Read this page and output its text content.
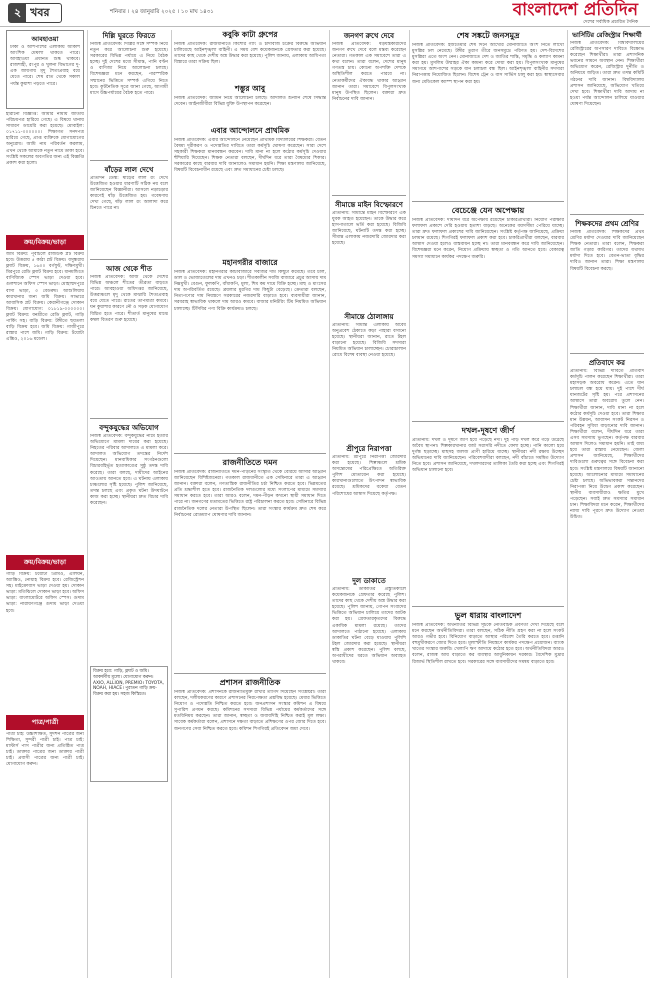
২ খবর	শনিবার । ২৪ জানুয়ারি ২০২৫ । ১০ মাঘ ১৪৩১	বাংলাদেশ প্রতিদিন
দেশের সর্বাধিক প্রচারিত দৈনিক
আবহাওয়া
ঢাকা ও আশপাশের এলাকায় আকাশ আংশিক মেঘলা থাকতে পারে। আবহাওয়া প্রধানত শুষ্ক থাকবে। রাজশাহী, রংপুর ও খুলনা বিভাগের দু-এক জায়গায় মৃদু শৈত্যপ্রবাহ বয়ে যেতে পারে। শেষ রাত থেকে সকাল পর্যন্ত কুয়াশা পড়তে পারে।
হারানো বিজ্ঞপ্তি: আমার নামীয় জাতীয় পরিচয়পত্র হারিয়ে গেছে। এ বিষয়ে থানায় সাধারণ ডায়েরি করা হয়েছে। মোবাইল: ০১৭১১-০০০০০০। শিক্ষাগত সনদপত্র হারিয়ে গেছে, প্রাপ্ত ব্যক্তিকে যোগাযোগের অনুরোধ। আমি নাম পরিবর্তন করলাম, এখন থেকে আমাকে নতুন নামে ডাকা হবে। সংশ্লিষ্ট সকলের অবগতির জন্য এই বিজ্ঞপ্তি প্রকাশ করা হলো।
ক্রয়/বিক্রয়/ভাড়া
জমি বিক্রয়: পূর্বাচলে রাজউক প্লট বিক্রয় হবে। উত্তরায় ৫ কাঠা প্লট বিক্রয়। বসুন্ধরায় ফ্ল্যাট বিক্রয়, ১৬০০ বর্গফুট, দক্ষিণমুখী। মিরপুরে রেডি ফ্ল্যাট বিক্রয় হবে। ধানমন্ডিতে বাণিজ্যিক স্পেস ভাড়া দেওয়া হবে। গুলশানে অফিস স্পেস ভাড়া। মোহাম্মদপুরে বাসা ভাড়া, ৩ বেডরুম। আশুলিয়ায় কারখানার জন্য জমি বিক্রয়। সাভারে আবাসিক প্লট বিক্রয়। কেরানীগঞ্জে দোকান বিক্রয়। যোগাযোগ: ০১৮১৯-০০০০০০। ফ্ল্যাট বিক্রয়: বনশ্রীতে রেডি ফ্ল্যাট, গাড়ি পার্কিং সহ। বাড়ি বিক্রয়: টঙ্গীতে ছয়তলা বাড়ি বিক্রয় হবে। জমি বিক্রয়: গাজীপুরে রাস্তার পাশে জমি। গাড়ি বিক্রয়: টয়োটা এক্সিও, ২০১৬ মডেল।
ক্রয়/বিক্রয়/ভাড়া
গাড়ি বিক্রয়: টয়োটা প্রিমিও, এলিয়ন, অ্যাক্সিও, নোয়াহ বিক্রয় হবে। রেজিস্ট্রেশন সহ। মাইক্রোবাস ভাড়া দেওয়া হয়। দোকান ভাড়া: মতিঝিলে দোকান ভাড়া হবে। অফিস ভাড়া: বাংলামোটরে অফিস স্পেস। গুদাম ভাড়া: নারায়ণগঞ্জে গুদাম ভাড়া দেওয়া হবে।
পাত্র/পাত্রী
পাত্রী চাই: উচ্চশিক্ষিত, সুদর্শন পাত্রের জন্য শিক্ষিতা, সুন্দরী পাত্রী চাই। পাত্র চাই: মাস্টার্স পাস পাত্রীর জন্য প্রতিষ্ঠিত পাত্র চাই। ডাক্তার পাত্রের জন্য ডাক্তার পাত্রী চাই। প্রবাসী পাত্রের জন্য পাত্রী চাই। যোগাযোগ করুন।
দিল্লি ঘুরতে ফিরতে
নিজস্ব প্রতিবেদক: দিল্লির সঙ্গে সম্পর্ক নিয়ে নতুন করে আলোচনা শুরু হয়েছে। সরকারের বিভিন্ন পর্যায়ে এ নিয়ে বৈঠক হচ্ছে। দুই দেশের মধ্যে সীমান্ত, পানি বণ্টন ও বাণিজ্য নিয়ে আলোচনা চলছে। বিশেষজ্ঞরা মনে করছেন, পারস্পরিক সম্মানের ভিত্তিতে সম্পর্ক এগিয়ে নিতে হবে। কূটনৈতিক সূত্রে জানা গেছে, আগামী মাসে উচ্চপর্যায়ের বৈঠক হতে পারে।
ষাঁড়ের লাল দেখে
প্রতিদিন ডেস্ক: ষাঁড়ের লাল রং দেখে উত্তেজিত হওয়ার ধারণাটি সঠিক নয় বলে জানিয়েছেন বিজ্ঞানীরা। আসলে নড়াচড়ার কারণেই ষাঁড় উত্তেজিত হয়। গবেষণায় দেখা গেছে, ষাঁড় লাল রং আলাদা করে চিনতে পারে না।
আজ থেকে শীত
নিজস্ব প্রতিবেদক: আজ থেকে দেশের বিভিন্ন অঞ্চলে শীতের তীব্রতা বাড়তে পারে। আবহাওয়া অধিদপ্তর জানিয়েছে, উত্তরাঞ্চলে মৃদু থেকে মাঝারি শৈত্যপ্রবাহ বয়ে যেতে পারে। রাতের তাপমাত্রা কমবে। ঘন কুয়াশার কারণে নৌ ও সড়ক যোগাযোগ বিঘ্নিত হতে পারে। শীতার্ত মানুষের মাঝে কম্বল বিতরণ শুরু হয়েছে।
বন্দুকযুদ্ধের অভিযোগ
নিজস্ব প্রতিবেদক: বন্দুকযুদ্ধের নামে হত্যার অভিযোগে মামলা দায়ের করা হয়েছে। নিহতের পরিবার আদালতে এ মামলা করে। আদালত অভিযোগ তদন্তের নির্দেশ দিয়েছেন। মানবাধিকার সংগঠনগুলো বিচারবহির্ভূত হত্যাকাণ্ডের সুষ্ঠু তদন্ত দাবি করেছে। তারা বলছে, দায়ীদের আইনের আওতায় আনতে হবে। এ ঘটনায় এলাকায় চাঞ্চল্যের সৃষ্টি হয়েছে। পুলিশ জানিয়েছে, তদন্ত চলছে এবং প্রকৃত ঘটনা উদঘাটনে কাজ করা হচ্ছে। স্থানীয়রা দ্রুত বিচার দাবি করেছেন।
বিক্রয় হবে: গাড়ি, ফ্ল্যাট ও জমি। আকর্ষণীয় মূল্যে। যোগাযোগ করুন। AXIO, ALLION, PREMIO। TOYOTA, NOAH, HIACE। পুরাতন গাড়ি ক্রয়-বিক্রয় করা হয়। সহজ কিস্তিতে।
কবুকি কাটা গ্রুপের
নিজস্ব প্রতিবেদক: রাজধানীতে কিশোর গ্যাং ও চাঁদাবাজ চক্রের বিরুদ্ধে অভিযান চালিয়েছে আইনশৃঙ্খলা বাহিনী। এ সময় বেশ কয়েকজনকে গ্রেফতার করা হয়েছে। তাদের কাছ থেকে দেশীয় অস্ত্র উদ্ধার করা হয়েছে। পুলিশ জানায়, এলাকায় আধিপত্য বিস্তারে তারা সক্রিয় ছিল।
শম্ভুর আবু
নিজস্ব প্রতিবেদক: জামিন নিয়ে আলোচনা চলছে। আদালত শুনানি শেষে সিদ্ধান্ত দেবেন। আইনজীবীরা বিভিন্ন যুক্তি উপস্থাপন করেছেন।
এবার আন্দোলনে প্রাথমিক
নিজস্ব প্রতিবেদক: এবার আন্দোলনে নেমেছেন প্রাথমিক বিদ্যালয়ের শিক্ষকরা। বেতন বৈষম্য দূরীকরণ ও পদোন্নতির দাবিতে তারা কর্মসূচি ঘোষণা করেছেন। সারা দেশে সহকারী শিক্ষকরা মানববন্ধন করবেন। দাবি মানা না হলে কঠোর কর্মসূচি দেওয়ার হুঁশিয়ারি দিয়েছেন। শিক্ষক নেতারা বলছেন, দীর্ঘদিন ধরে তারা বৈষম্যের শিকার। সরকারের কাছে বারবার দাবি জানালেও সমাধান হয়নি। শিক্ষা মন্ত্রণালয় জানিয়েছে, বিষয়টি বিবেচনাধীন রয়েছে এবং দ্রুত সমাধানের চেষ্টা চলছে।
মহানগরীর বাজারে
নিজস্ব প্রতিবেদক: মহানগরীর কাঁচাবাজারে সবজির দাম কিছুটা কমেছে। তবে চাল, ডাল ও ভোজ্যতেলের দাম এখনও চড়া। শীতকালীন সবজি বাজারে প্রচুর আসায় দাম নিম্নমুখী। বেগুন, ফুলকপি, বাঁধাকপি, মুলা, শিম কম দামে বিক্রি হচ্ছে। মাছ ও মাংসের দাম অপরিবর্তিত রয়েছে। ব্রয়লার মুরগির দাম কিছুটা বেড়েছে। ক্রেতারা বলছেন, নিত্যপণ্যের দাম নিয়ন্ত্রণে সরকারের নজরদারি বাড়াতে হবে। ব্যবসায়ীরা জানান, সরবরাহ স্বাভাবিক থাকলে দাম আরও কমবে। বাজার মনিটরিং টিম নিয়মিত অভিযান চালাচ্ছে। টিসিবির পণ্য বিক্রি কার্যক্রমও চলছে।
রাজনীতিতে দমন
নিজস্ব প্রতিবেদক: রাজনীতিতে দমন-পীড়নের সংস্কৃতি থেকে বেরিয়ে আসার আহ্বান জানিয়েছেন বিশিষ্টজনেরা। গতকাল রাজধানীতে এক সেমিনারে তারা এ আহ্বান জানান। বক্তারা বলেন, গণতান্ত্রিক রাজনীতির চর্চা নিশ্চিত করতে হবে। ভিন্নমতের প্রতি শ্রদ্ধাশীল হতে হবে। রাজনৈতিক দলগুলোর মধ্যে সংলাপের মাধ্যমে সমস্যার সমাধান করতে হবে। তারা আরও বলেন, দমন-পীড়ন কখনো স্থায়ী সমাধান দিতে পারে না। জনগণের মতামতের ভিত্তিতে রাষ্ট্র পরিচালনা করতে হবে। সেমিনারে বিভিন্ন রাজনৈতিক দলের নেতারা উপস্থিত ছিলেন। তারা সংস্কার কার্যক্রম দ্রুত শেষ করে নির্বাচনের রোডম্যাপ ঘোষণার দাবি জানান।
প্রশাসন রাজনীতিক
নিজস্ব প্রতিবেদক: প্রশাসনকে রাজনীতিমুক্ত রাখার তাগিদ দিয়েছেন সংশ্লিষ্টরা। তারা বলছেন, দলীয়করণের কারণে প্রশাসনের নিরপেক্ষতা প্রশ্নবিদ্ধ হয়েছে। মেধার ভিত্তিতে নিয়োগ ও পদোন্নতি নিশ্চিত করতে হবে। জনপ্রশাসন সংস্কার কমিশন এ বিষয়ে সুপারিশ প্রণয়ন করছে। কমিশনের সদস্যরা বিভিন্ন পর্যায়ের কর্মকর্তাদের সঙ্গে মতবিনিময় করছেন। তারা জানান, স্বচ্ছতা ও জবাবদিহি নিশ্চিত করাই মূল লক্ষ্য। সাবেক কর্মকর্তারা বলেন, প্রশাসনে দক্ষতা বাড়াতে প্রশিক্ষণের ওপর জোর দিতে হবে। জনগণের সেবা নিশ্চিত করতে হবে। কমিশন শিগগিরই প্রতিবেদন জমা দেবে।
জনগণ রুখে দেবে
নিজস্ব প্রতিবেদক: ষড়যন্ত্রকারীদের জনগণ রুখে দেবে বলে মন্তব্য করেছেন নেতারা। গতকাল এক সমাবেশে তারা এ কথা বলেন। তারা বলেন, দেশের মানুষ গণতন্ত্র চায়। কোনো অপশক্তি দেশকে অস্থিতিশীল করতে পারবে না। নেতাকর্মীদের ঐক্যবদ্ধ থাকার আহ্বান জানান তারা। সমাবেশে বিপুলসংখ্যক মানুষ উপস্থিত ছিলেন। বক্তারা দ্রুত নির্বাচনের দাবি জানান।
সীমান্তে মাইন বিস্ফোরণে
প্রতিনিধি: সীমান্তে মাইন বিস্ফোরণে এক যুবক আহত হয়েছেন। তাকে উদ্ধার করে হাসপাতালে ভর্তি করা হয়েছে। বিজিবি জানিয়েছে, ঘটনাটি তদন্ত করা হচ্ছে। সীমান্ত এলাকায় নজরদারি জোরদার করা হয়েছে।
সীমান্তে ঠোলাঙ্গায়
প্রতিনিধি: সীমান্ত এলাকায় অবৈধ অনুপ্রবেশ ঠেকাতে কড়া পাহারা বসানো হয়েছে। স্থানীয়রা জানান, রাতে টহল বাড়ানো হয়েছে। বিজিবি সদস্যরা নিয়মিত অভিযান চালাচ্ছেন। চোরাচালান রোধে বিশেষ ব্যবস্থা নেওয়া হয়েছে।
শ্রীপুরে নিরাপত্তা
প্রতিনিধি: শ্রীপুরে নিরাপত্তা জোরদার করা হয়েছে। শিল্পাঞ্চলে শ্রমিক অসন্তোষের পরিপ্রেক্ষিতে অতিরিক্ত পুলিশ মোতায়েন করা হয়েছে। কারখানাগুলোতে উৎপাদন স্বাভাবিক রয়েছে। শ্রমিকদের বকেয়া বেতন পরিশোধের আশ্বাস দিয়েছে কর্তৃপক্ষ।
দুল ডাকাতে
প্রতিনিধি: ডাকাতির প্রস্তুতিকালে কয়েকজনকে গ্রেফতার করেছে পুলিশ। তাদের কাছ থেকে দেশীয় অস্ত্র উদ্ধার করা হয়েছে। পুলিশ জানায়, গোপন সংবাদের ভিত্তিতে অভিযান চালিয়ে তাদের আটক করা হয়। গ্রেফতারকৃতদের বিরুদ্ধে একাধিক মামলা রয়েছে। তাদের আদালতে পাঠানো হয়েছে। এলাকায় ডাকাতির ঘটনা বেড়ে যাওয়ায় পুলিশি টহল জোরদার করা হয়েছে। স্থানীয়রা স্বস্তি প্রকাশ করেছেন। পুলিশ বলছে, অপরাধীদের ধরতে অভিযান অব্যাহত থাকবে।
শেষ সঙ্কটে জনসমুদ্র
নিজস্ব প্রতিবেদক: ইজতেমার শেষ দিনে আখেরি মোনাজাতে অংশ নিতে লাখো মুসল্লির ঢল নেমেছে। টঙ্গীর তুরাগ তীরে জনসমুদ্রে পরিণত হয়। দেশ-বিদেশের মুসল্লিরা এতে অংশ নেন। মোনাজাতে দেশ ও জাতির শান্তি, সমৃদ্ধি ও কল্যাণ কামনা করা হয়। মুসলিম উম্মাহর ঐক্য কামনা করে দোয়া করা হয়। বিপুলসংখ্যক মানুষের সমাগমে আশপাশের সড়কে যান চলাচল বন্ধ ছিল। আইনশৃঙ্খলা বাহিনীর সদস্যরা নিরাপত্তায় নিয়োজিত ছিলেন। বিশেষ ট্রেন ও বাস সার্ভিস চালু করা হয়। স্বাস্থ্যসেবার জন্য মেডিকেল ক্যাম্প স্থাপন করা হয়।
বেচেঞ্জে যেন অপেক্ষায়
নিজস্ব প্রতিবেদক: দীর্ঘদিন ধরে অপেক্ষায় রয়েছেন চাকরিপ্রার্থীরা। নিয়োগ পরীক্ষার ফলাফল প্রকাশে দেরি হওয়ায় হতাশা বাড়ছে। অনেকের বয়সসীমা পেরিয়ে যাচ্ছে। তারা দ্রুত ফলাফল প্রকাশের দাবি জানিয়েছেন। সংশ্লিষ্ট কর্তৃপক্ষ জানিয়েছে, প্রক্রিয়া চলমান রয়েছে। শিগগিরই ফলাফল প্রকাশ করা হবে। চাকরিপ্রার্থীরা বলছেন, বারবার আশ্বাস দেওয়া হলেও বাস্তবায়ন হচ্ছে না। তারা মানববন্ধন করে দাবি জানিয়েছেন। বিশেষজ্ঞরা মনে করেন, নিয়োগ প্রক্রিয়ায় স্বচ্ছতা ও গতি আনতে হবে। বেকারত্ব সমস্যা সমাধানে কার্যকর পদক্ষেপ জরুরি।
দখল-দূষণে জীর্ণ
প্রতিনিধি: দখল ও দূষণে জীর্ণ হয়ে পড়েছে নদী। দুই পাড় দখল করে গড়ে উঠেছে অবৈধ স্থাপনা। শিল্পকারখানার বর্জ্য সরাসরি নদীতে ফেলা হচ্ছে। পানি কালো হয়ে দুর্গন্ধ ছড়াচ্ছে। মাছসহ জলজ প্রাণী হারিয়ে যাচ্ছে। স্থানীয়রা নদী রক্ষায় উচ্ছেদ অভিযানের দাবি জানিয়েছেন। পরিবেশবাদীরা বলছেন, নদী বাঁচাতে সমন্বিত উদ্যোগ নিতে হবে। প্রশাসন জানিয়েছে, দখলদারদের তালিকা তৈরি করা হচ্ছে এবং শিগগিরই অভিযান চালানো হবে।
ভুল ধারায় বাংলাদেশ
নিজস্ব প্রতিবেদক: অর্থনীতির বিভিন্ন সূচকে নেতিবাচক প্রবণতা দেখা দিয়েছে বলে মনে করছেন অর্থনীতিবিদরা। তারা বলছেন, সঠিক নীতি গ্রহণ করা না হলে সংকট আরও গভীর হবে। বিনিয়োগ বাড়াতে আস্থার পরিবেশ তৈরি করতে হবে। রপ্তানি বহুমুখীকরণে জোর দিতে হবে। মূল্যস্ফীতি নিয়ন্ত্রণে কার্যকর পদক্ষেপ প্রয়োজন। ব্যাংক খাতের সংস্কার জরুরি। খেলাপি ঋণ আদায়ে কঠোর হতে হবে। অর্থনীতিবিদরা আরও বলেন, রাজস্ব আয় বাড়াতে কর ব্যবস্থার আধুনিকায়ন দরকার। বৈদেশিক মুদ্রার রিজার্ভ স্থিতিশীল রাখতে হবে। সরকারের সঙ্গে ব্যবসায়ীদের সমন্বয় বাড়াতে হবে।
ভার্সিটির রেজিস্ট্রার শিক্ষার্থী
নিজস্ব প্রতিবেদক: বিশ্ববিদ্যালয়ের রেজিস্ট্রারের অপসারণ দাবিতে বিক্ষোভ করেছেন শিক্ষার্থীরা। তারা প্রশাসনিক ভবনের সামনে অবস্থান নেন। শিক্ষার্থীরা অভিযোগ করেন, রেজিস্ট্রার দুর্নীতি ও অনিয়মে জড়িত। তারা দ্রুত তদন্ত কমিটি গঠনের দাবি জানান। বিশ্ববিদ্যালয় প্রশাসন জানিয়েছে, অভিযোগ খতিয়ে দেখা হবে। শিক্ষার্থীরা দাবি আদায় না হওয়া পর্যন্ত আন্দোলন চালিয়ে যাওয়ার ঘোষণা দিয়েছেন।
শিক্ষকদের প্রথম শ্রেণির
নিজস্ব প্রতিবেদক: শিক্ষকদের প্রথম শ্রেণির মর্যাদা দেওয়ার দাবি জানিয়েছেন শিক্ষক নেতারা। তারা বলেন, শিক্ষকরা জাতি গড়ার কারিগর। তাদের যথাযথ মর্যাদা দিতে হবে। বেতন-ভাতা বৃদ্ধির দাবিও জানান তারা। শিক্ষা মন্ত্রণালয় বিষয়টি বিবেচনা করছে।
প্রতিবাদে কর
প্রতিনিধি: বিভিন্ন দাবিতে প্রতিবাদ কর্মসূচি পালন করেছেন শিক্ষার্থীরা। তারা মহাসড়ক অবরোধ করেন। এতে যান চলাচল বন্ধ হয়ে যায়। দুই পাশে দীর্ঘ যানজটের সৃষ্টি হয়। পরে প্রশাসনের আশ্বাসে তারা অবরোধ তুলে নেন। শিক্ষার্থীরা জানান, দাবি মানা না হলে কঠোর কর্মসূচি দেওয়া হবে। তারা শিক্ষার মান উন্নয়ন, আবাসন সংকট নিরসন ও পরিবহন সুবিধা বাড়ানোর দাবি জানান। শিক্ষার্থীরা বলেন, দীর্ঘদিন ধরে তারা এসব সমস্যায় ভুগছেন। কর্তৃপক্ষ বারবার আশ্বাস দিলেও সমাধান হয়নি। তাই বাধ্য হয়ে তারা রাস্তায় নেমেছেন। জেলা প্রশাসন জানিয়েছে, শিক্ষার্থীদের দাবিগুলো গুরুত্বের সঙ্গে বিবেচনা করা হবে। সংশ্লিষ্ট মন্ত্রণালয়ে বিষয়টি জানানো হয়েছে। আলোচনার মাধ্যমে সমাধানের চেষ্টা চলছে। অভিভাবকরা সন্তানদের নিরাপত্তা নিয়ে উদ্বেগ প্রকাশ করেছেন। স্থানীয় ব্যবসায়ীরাও ক্ষতির মুখে পড়েছেন। সবাই দ্রুত সমস্যার সমাধান চান। শিক্ষাবিদরা মনে করেন, শিক্ষার্থীদের ন্যায্য দাবি পূরণে দ্রুত উদ্যোগ নেওয়া উচিত।
